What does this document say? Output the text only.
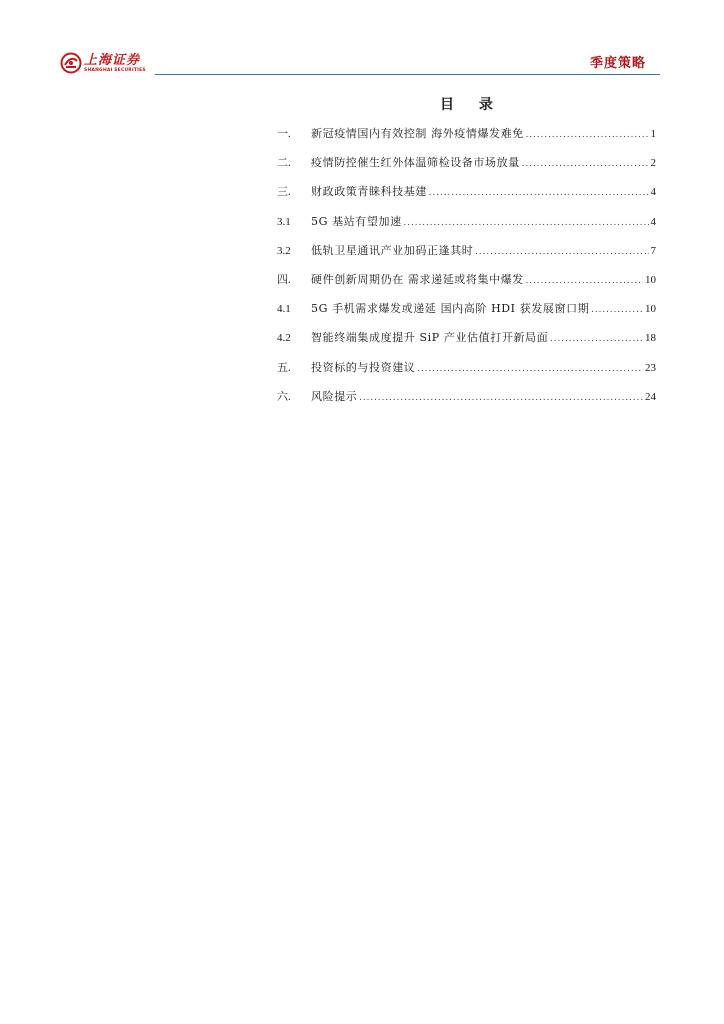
上海证券
SHANGHAI SECURITIES	季度策略
目 录
一.	新冠疫情国内有效控制 海外疫情爆发难免 .....	1
二.	疫情防控催生红外体温筛检设备市场放量 .....	2
三.	财政政策青睐科技基建 .....	4
3.1	5G 基站有望加速 .....	4
3.2	低轨卫星通讯产业加码正逢其时 .....	7
四.	硬件创新周期仍在 需求递延或将集中爆发 .....	10
4.1	5G 手机需求爆发或递延 国内高阶 HDI 获发展窗口期 .....	10
4.2	智能终端集成度提升 SiP 产业估值打开新局面 .....	18
五.	投资标的与投资建议 .....	23
六.	风险提示 .....	24
